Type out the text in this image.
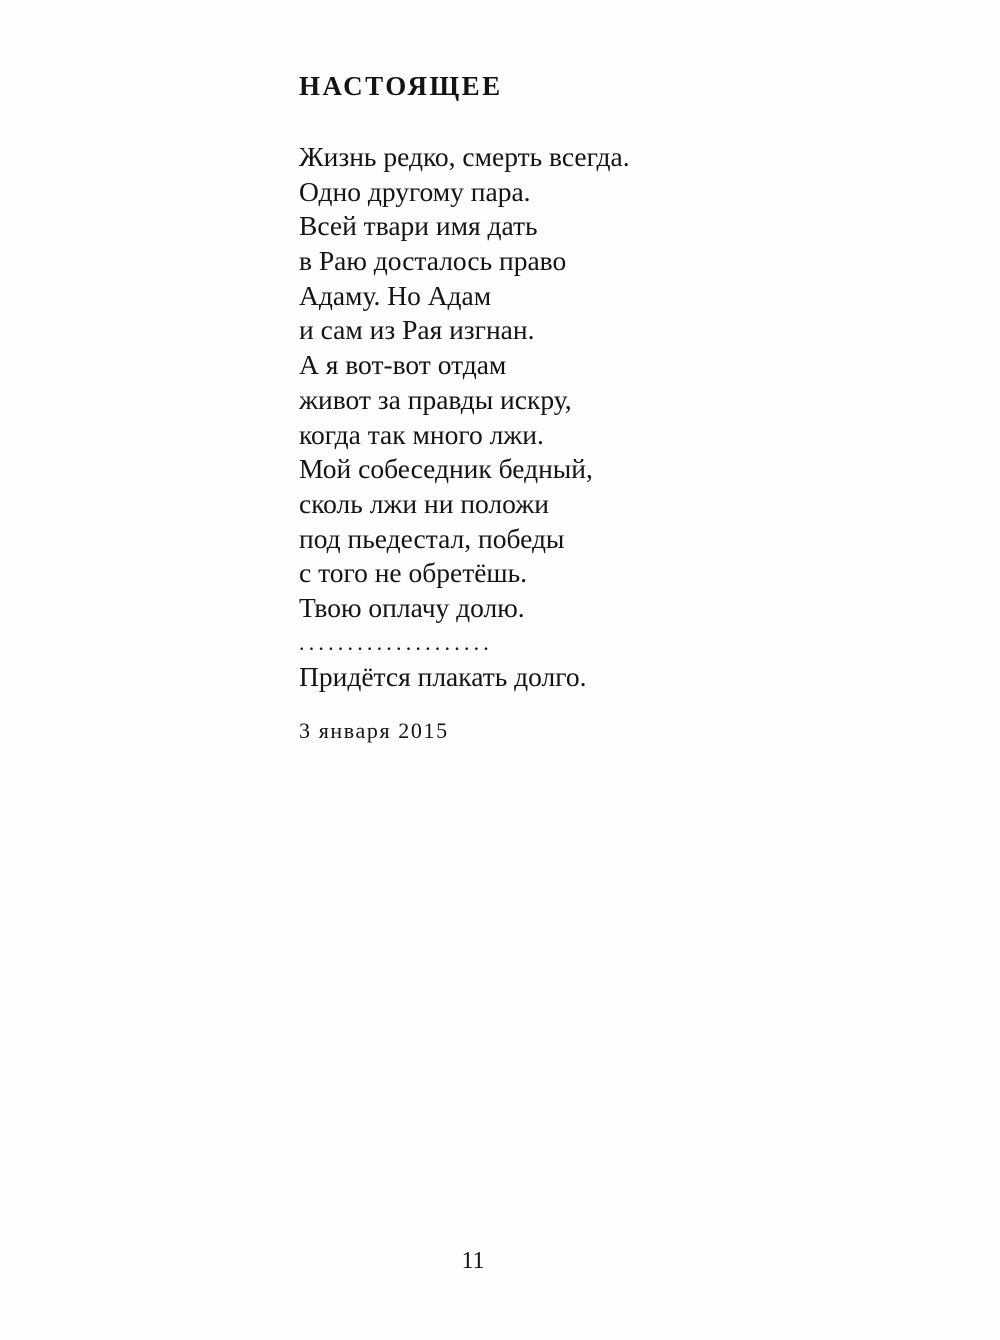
НАСТОЯЩЕЕ
Жизнь редко, смерть всегда.
Одно другому пара.
Всей твари имя дать
в Раю досталось право
Адаму. Но Адам
и сам из Рая изгнан.
А я вот-вот отдам
живот за правды искру,
когда так много лжи.
Мой собеседник бедный,
сколь лжи ни положи
под пьедестал, победы
с того не обретёшь.
Твою оплачу долю.
....................
Придётся плакать долго.

3 января 2015

11
